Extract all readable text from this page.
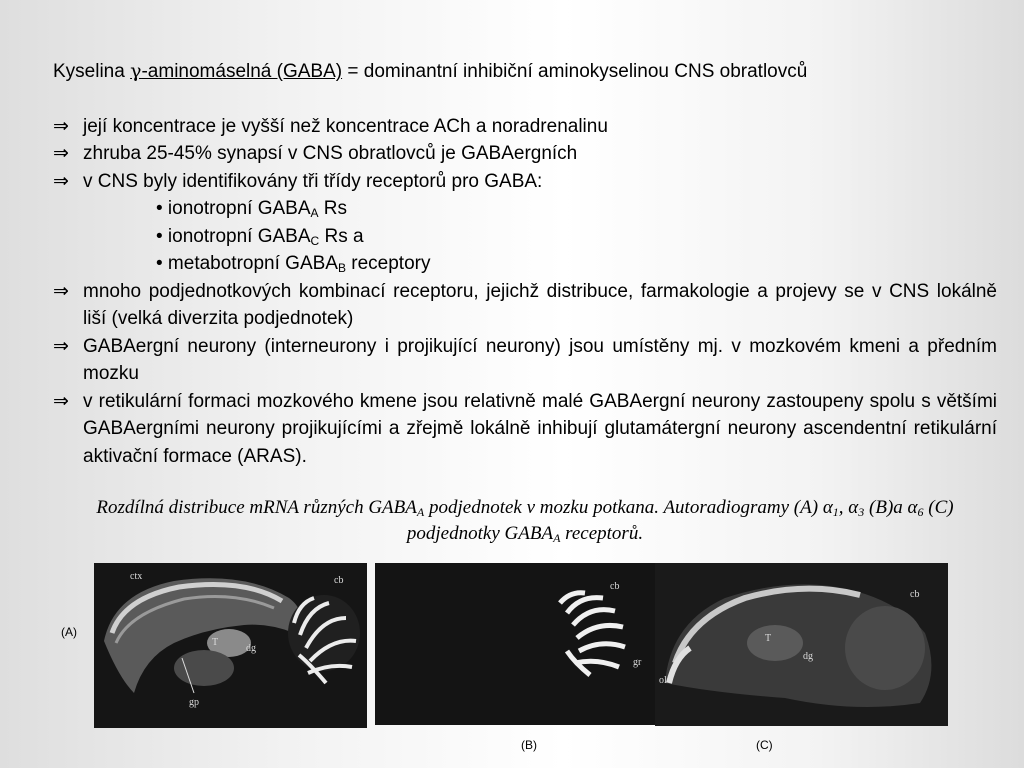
Kyselina γ-aminomáselná (GABA) = dominantní inhibiční aminokyselinou CNS obratlovců
⇒ její koncentrace je vyšší než koncentrace ACh a noradrenalinu
⇒ zhruba 25-45% synapsí v CNS obratlovců je GABAergních
⇒ v CNS byly identifikovány tři třídy receptorů pro GABA:
• ionotropní $GABA_A$ Rs
• ionotropní $GABA_C$ Rs a
• metabotropní $GABA_B$ receptory
⇒ mnoho podjednotkových kombinací receptoru, jejichž distribuce, farmakologie a projevy se v CNS lokálně liší (velká diverzita podjednotek)
⇒ GABAergní neurony (interneurony i projikující neurony) jsou umístěny mj. v mozkovém kmeni a předním mozku
⇒ v retikulární formaci mozkového kmene jsou relativně malé GABAergní neurony zastoupeny spolu s většími GABAergními neurony projikujícími a zřejmě lokálně inhibují glutamátergní neurony ascendentní retikulární aktivační formace (ARAS).
Rozdílná distribuce mRNA různých $GABA_A$ podjednotek v mozku potkana. Autoradiogramy (A) $\alpha_1$, $\alpha_3$ (B)a $\alpha_6$ (C) podjednotky $GABA_A$ receptorů.
ctx	cb
T
dg
gp
cb
gr
cb
T
dg
ol
(A)
(B)	(C)
